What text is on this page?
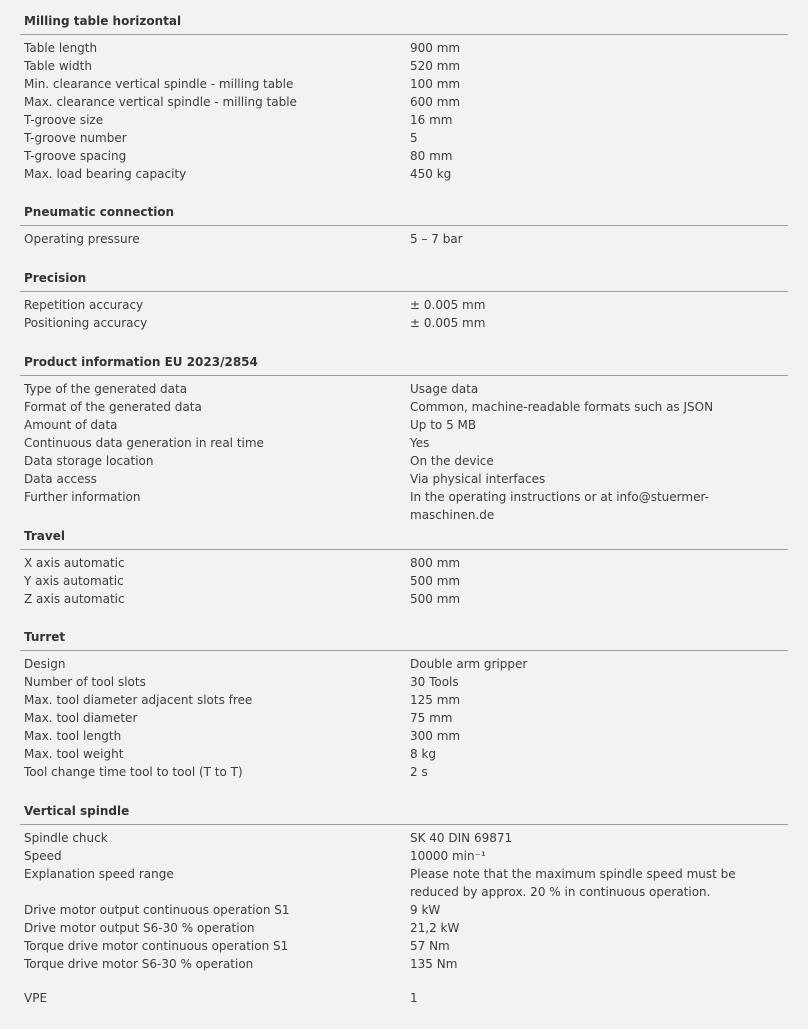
Milling table horizontal
Table length	900 mm
Table width	520 mm
Min. clearance vertical spindle - milling table	100 mm
Max. clearance vertical spindle - milling table	600 mm
T-groove size	16 mm
T-groove number	5
T-groove spacing	80 mm
Max. load bearing capacity	450 kg
Pneumatic connection
Operating pressure	5 – 7 bar
Precision
Repetition accuracy	± 0.005 mm
Positioning accuracy	± 0.005 mm
Product information EU 2023/2854
Type of the generated data	Usage data
Format of the generated data	Common, machine-readable formats such as JSON
Amount of data	Up to 5 MB
Continuous data generation in real time	Yes
Data storage location	On the device
Data access	Via physical interfaces
Further information	In the operating instructions or at info@stuermer-maschinen.de
Travel
X axis automatic	800 mm
Y axis automatic	500 mm
Z axis automatic	500 mm
Turret
Design	Double arm gripper
Number of tool slots	30 Tools
Max. tool diameter adjacent slots free	125 mm
Max. tool diameter	75 mm
Max. tool length	300 mm
Max. tool weight	8 kg
Tool change time tool to tool (T to T)	2 s
Vertical spindle
Spindle chuck	SK 40 DIN 69871
Speed	10000 min⁻¹
Explanation speed range	Please note that the maximum spindle speed must be reduced by approx. 20 % in continuous operation.
Drive motor output continuous operation S1	9 kW
Drive motor output S6-30 % operation	21,2 kW
Torque drive motor continuous operation S1	57 Nm
Torque drive motor S6-30 % operation	135 Nm
VPE	1
